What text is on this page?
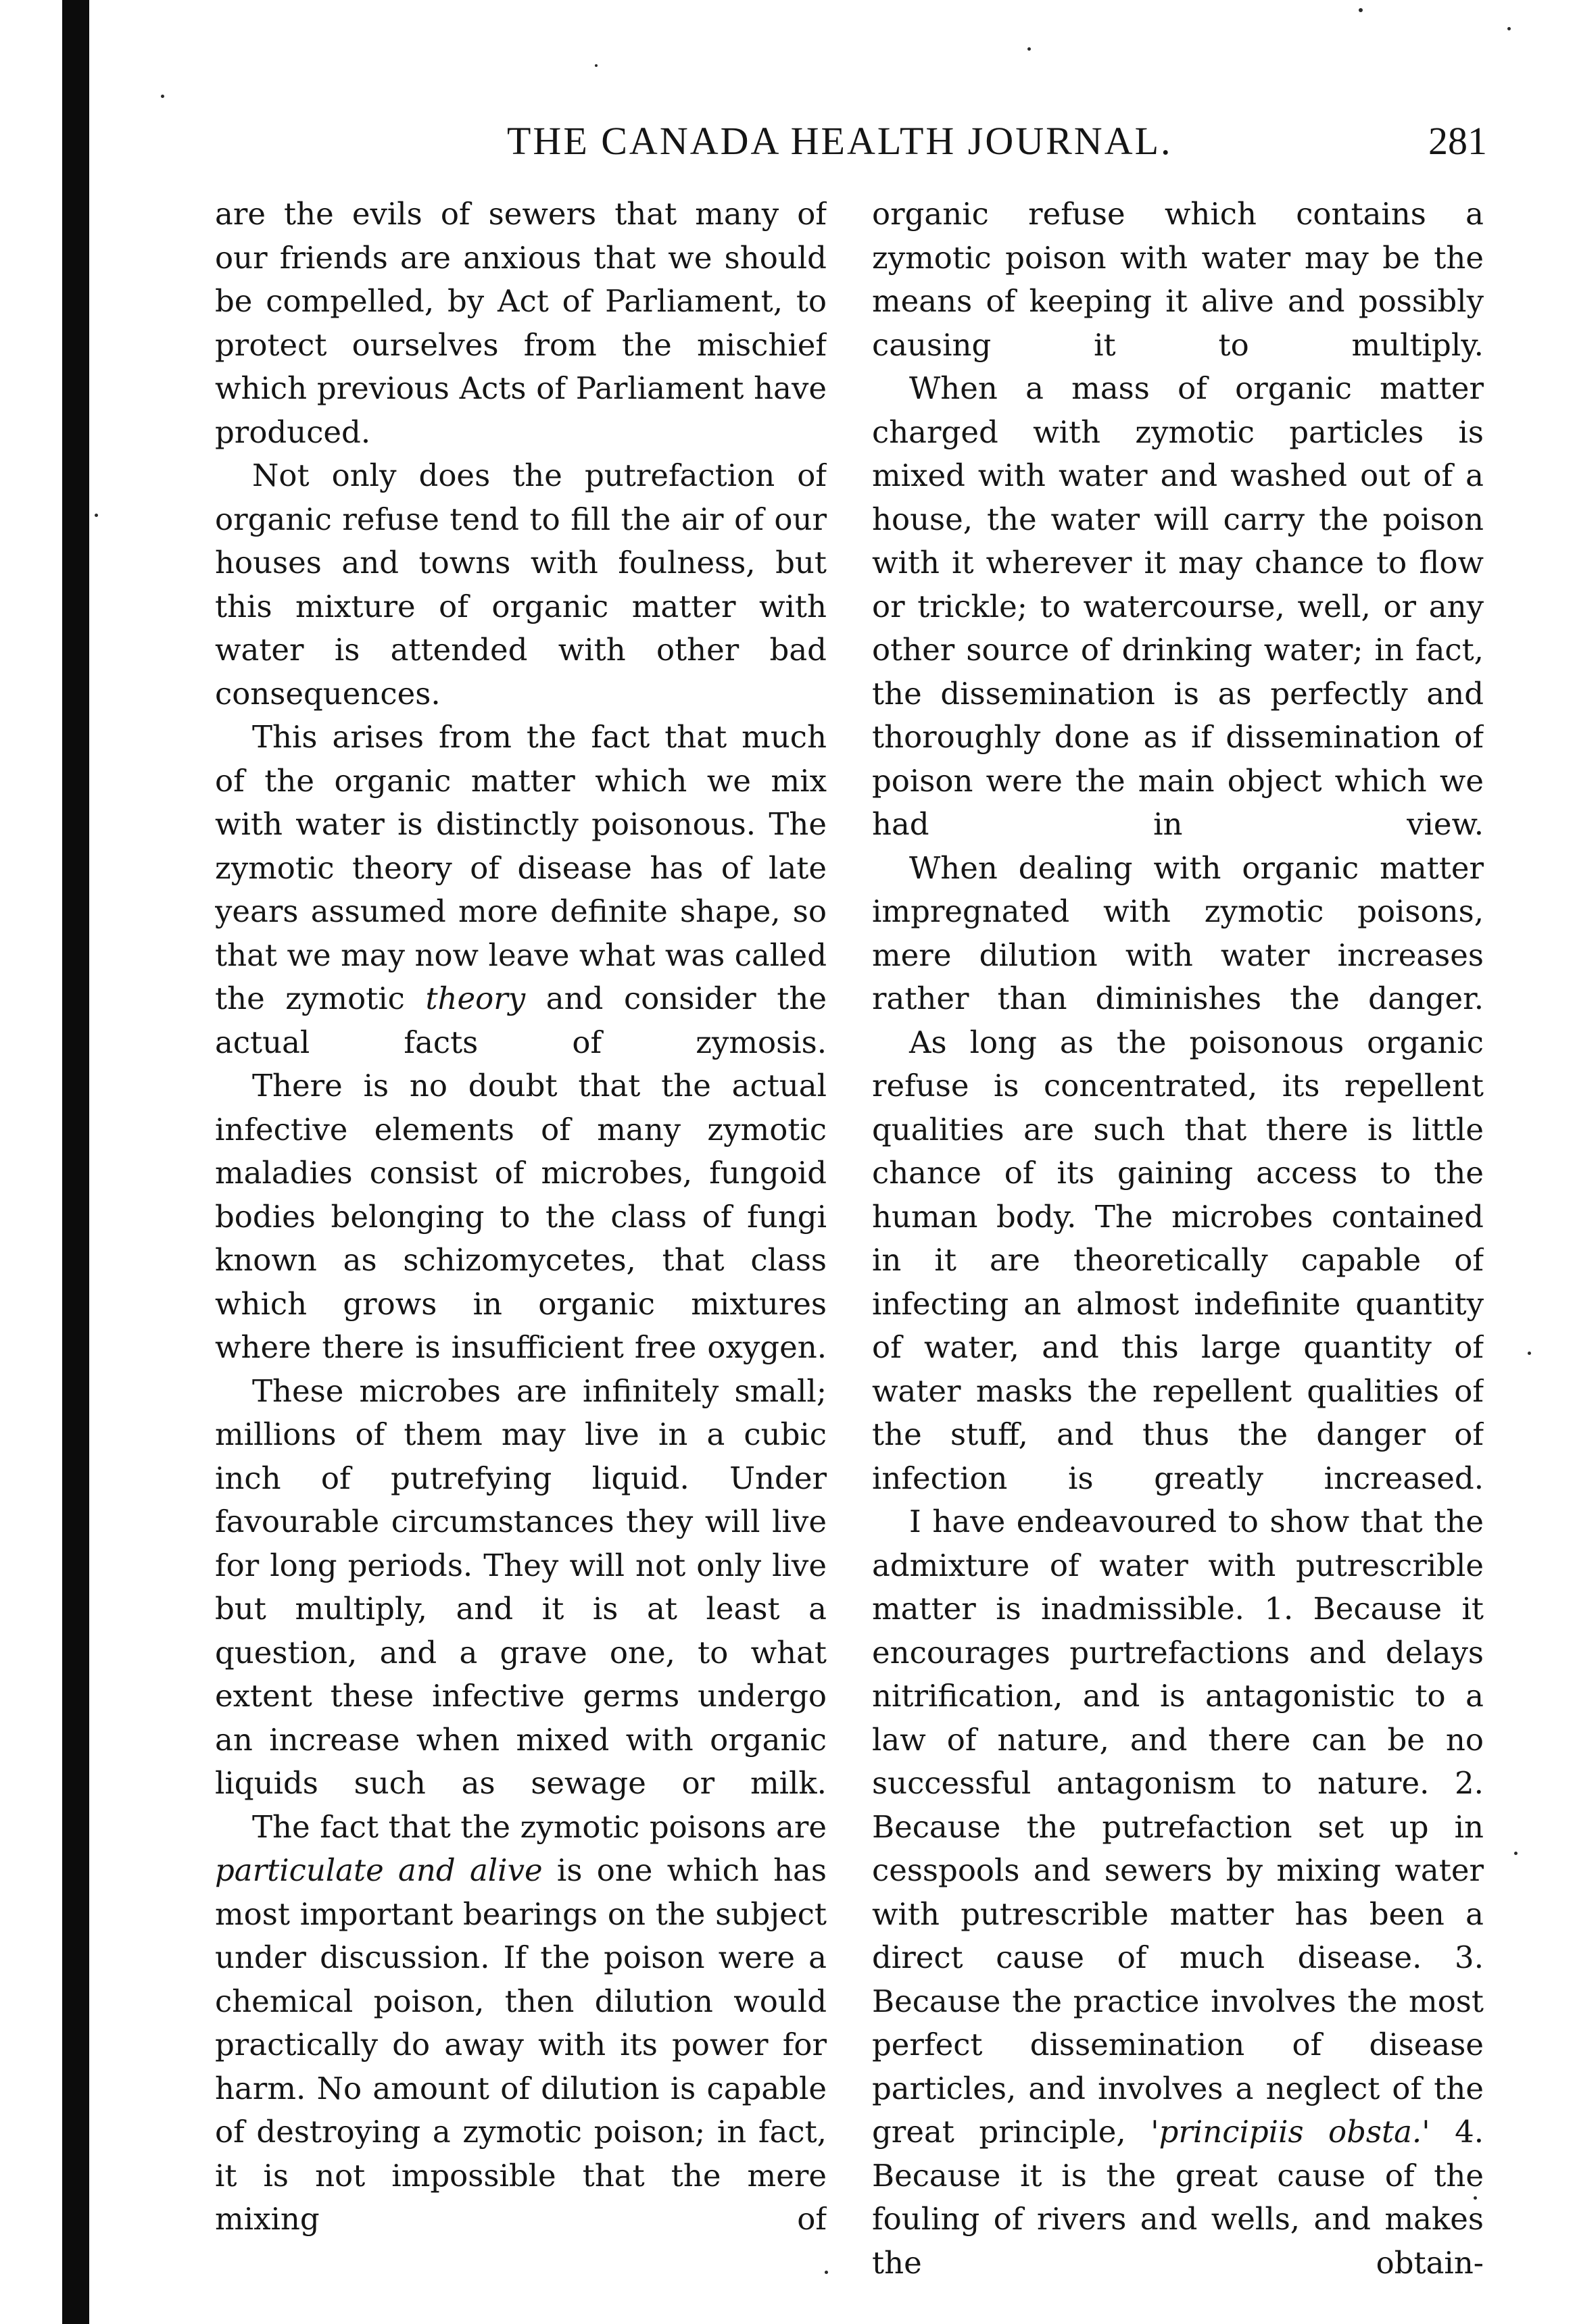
THE CANADA HEALTH JOURNAL.	281

are the evils of sewers that many of our friends are anxious that we should be compelled, by Act of Parliament, to protect ourselves from the mischief which previous Acts of Parliament have produced.

Not only does the putrefaction of organic refuse tend to fill the air of our houses and towns with foulness, but this mixture of organic matter with water is attended with other bad consequences.

This arises from the fact that much of the organic matter which we mix with water is distinctly poisonous. The zymotic theory of disease has of late years assumed more definite shape, so that we may now leave what was called the zymotic theory and consider the actual facts of zymosis.

There is no doubt that the actual infective elements of many zymotic maladies consist of microbes, fungoid bodies belonging to the class of fungi known as schizomycetes, that class which grows in organic mixtures where there is insufficient free oxygen.

These microbes are infinitely small; millions of them may live in a cubic inch of putrefying liquid. Under favourable circumstances they will live for long periods. They will not only live but multiply, and it is at least a question, and a grave one, to what extent these infective germs undergo an increase when mixed with organic liquids such as sewage or milk.

The fact that the zymotic poisons are particulate and alive is one which has most important bearings on the subject under discussion. If the poison were a chemical poison, then dilution would practically do away with its power for harm. No amount of dilution is capable of destroying a zymotic poison; in fact, it is not impossible that the mere mixing of

organic refuse which contains a zymotic poison with water may be the means of keeping it alive and possibly causing it to multiply.

When a mass of organic matter charged with zymotic particles is mixed with water and washed out of a house, the water will carry the poison with it wherever it may chance to flow or trickle; to watercourse, well, or any other source of drinking water; in fact, the dissemination is as perfectly and thoroughly done as if dissemination of poison were the main object which we had in view.

When dealing with organic matter impregnated with zymotic poisons, mere dilution with water increases rather than diminishes the danger.

As long as the poisonous organic refuse is concentrated, its repellent qualities are such that there is little chance of its gaining access to the human body. The microbes contained in it are theoretically capable of infecting an almost indefinite quantity of water, and this large quantity of water masks the repellent qualities of the stuff, and thus the danger of infection is greatly increased.

I have endeavoured to show that the admixture of water with putrescrible matter is inadmissible. 1. Because it encourages purtrefactions and delays nitrification, and is antagonistic to a law of nature, and there can be no successful antagonism to nature. 2. Because the putrefaction set up in cesspools and sewers by mixing water with putrescrible matter has been a direct cause of much disease. 3. Because the practice involves the most perfect dissemination of disease particles, and involves a neglect of the great principle, 'principiis obsta.' 4. Because it is the great cause of the fouling of rivers and wells, and makes the obtain-
